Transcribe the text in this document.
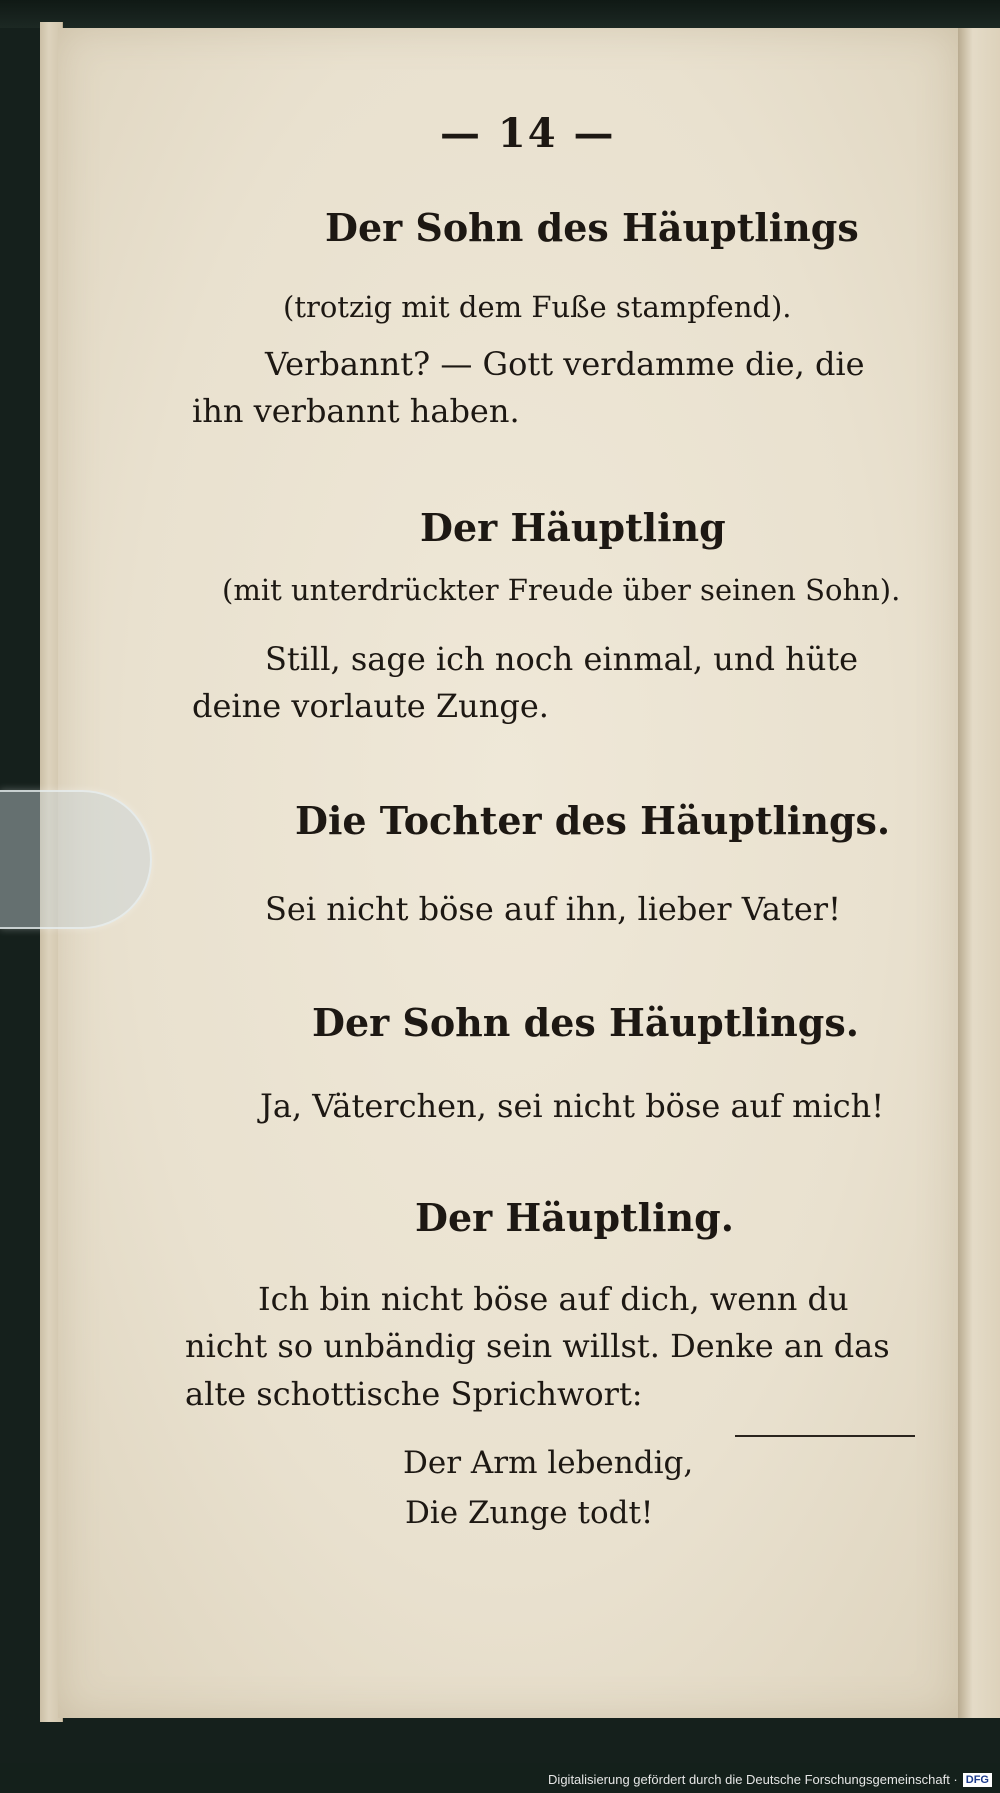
— 14 —
Der Sohn des Häuptlings
(trotzig mit dem Fuße stampfend).
Verbannt? — Gott verdamme die, die
ihn verbannt haben.
Der Häuptling
(mit unterdrückter Freude über seinen Sohn).
Still, sage ich noch einmal, und hüte
deine vorlaute Zunge.
Die Tochter des Häuptlings.
Sei nicht böse auf ihn, lieber Vater!
Der Sohn des Häuptlings.
Ja, Väterchen, sei nicht böse auf mich!
Der Häuptling.
Ich bin nicht böse auf dich, wenn du
nicht so unbändig sein willst. Denke an das
alte schottische Sprichwort:
Der Arm lebendig,
Die Zunge todt!
Digitalisierung gefördert durch die Deutsche Forschungsgemeinschaft · DFG
